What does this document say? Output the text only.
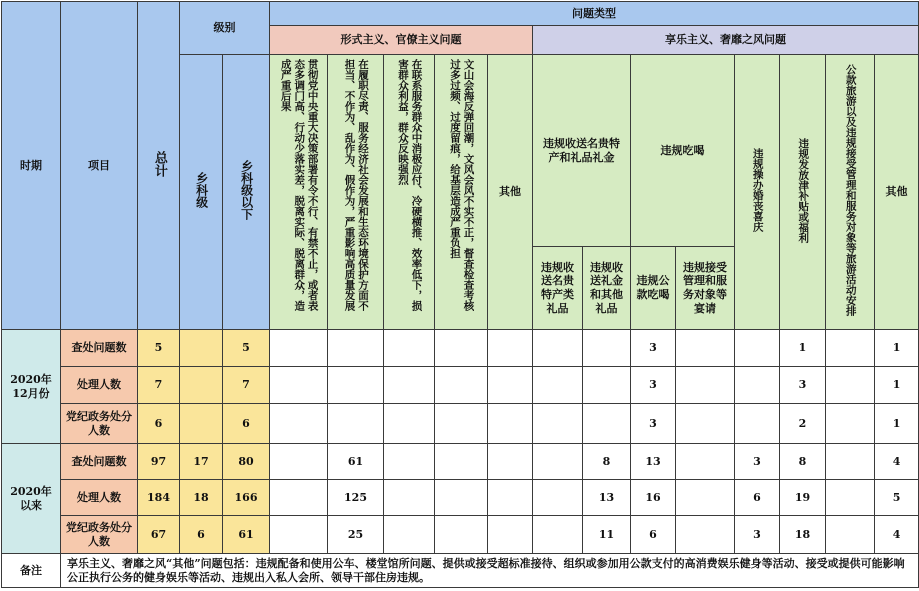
时期	项目	总计	级别		问题类型												
					形式主义、官僚主义问题					享乐主义、奢靡之风问题							
			乡科级	乡科级以下	贯彻党中央重大决策部署有令不行、有禁不止，或者表态多调门高、行动少落实差，脱离实际、脱离群众，造成严重后果	在履职尽责、服务经济社会发展和生态环境保护方面不担当、不作为、乱作为、假作为，严重影响高质量发展	在联系服务群众中消极应付、冷硬横推、效率低下，损害群众利益，群众反映强烈	文山会海反弹回潮，文风会风不实不正，督查检查考核过多过频、过度留痕，给基层造成严重负担	其他	违规收送名贵特产和礼品礼金		违规吃喝		违规操办婚丧喜庆	违规发放津补贴或福利	公款旅游以及违规接受管理和服务对象等旅游活动安排	其他
										违规收送名贵特产类礼品	违规收送礼金和其他礼品	违规公款吃喝	违规接受管理和服务对象等宴请				
2020年12月份	查处问题数	5		5								3			1		1
	处理人数	7		7								3			3		1
	党纪政务处分人数	6		6								3			2		1
2020年以来	查处问题数	97	17	80		61					8	13		3	8		4
	处理人数	184	18	166		125					13	16		6	19		5
	党纪政务处分人数	67	6	61		25					11	6		3	18		4
备注	享乐主义、奢靡之风“其他”问题包括：违规配备和使用公车、楼堂馆所问题、提供或接受超标准接待、组织或参加用公款支付的高消费娱乐健身等活动、接受或提供可能影响公正执行公务的健身娱乐等活动、违规出入私人会所、领导干部住房违规。																
